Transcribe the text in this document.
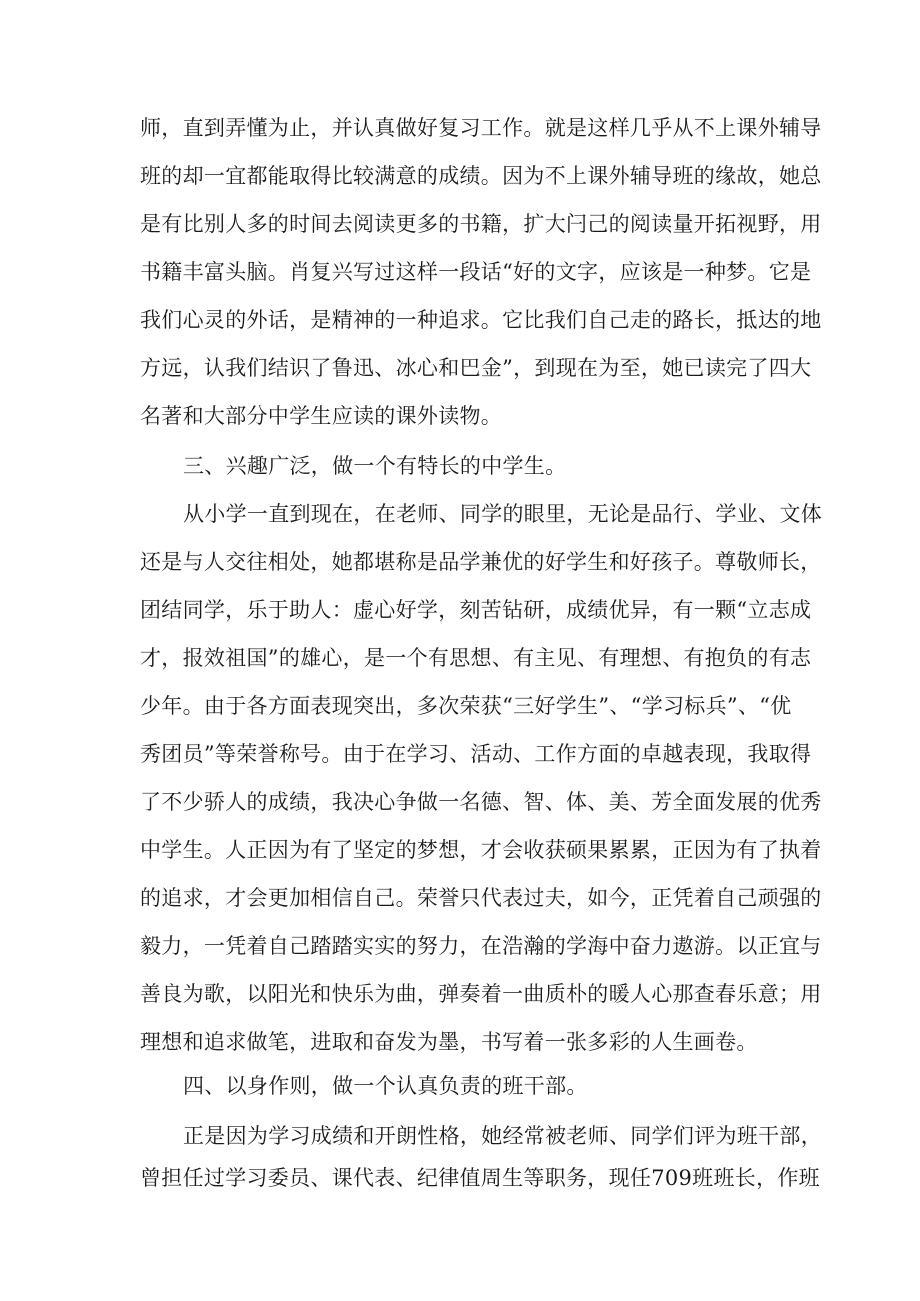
师，直到弄懂为止，并认真做好复习工作。就是这样几乎从不上课外辅导
班的却一宜都能取得比较满意的成绩。因为不上课外辅导班的缘故，她总
是有比别人多的时间去阅读更多的书籍，扩大闩己的阅读量开拓视野，用
书籍丰富头脑。肖复兴写过这样一段话“好的文字，应该是一种梦。它是
我们心灵的外话，是精神的一种追求。它比我们自己走的路长，抵达的地
方远，认我们结识了鲁迅、冰心和巴金”，到现在为至，她已读完了四大
名著和大部分中学生应读的课外读物。
三、兴趣广泛，做一个有特长的中学生。
从小学一直到现在，在老师、同学的眼里，无论是品行、学业、文体
还是与人交往相处，她都堪称是品学兼优的好学生和好孩子。尊敬师长，
团结同学，乐于助人：虚心好学，刻苦钻研，成绩优异，有一颗“立志成
才，报效祖国”的雄心，是一个有思想、有主见、有理想、有抱负的有志
少年。由于各方面表现突出，多次荣获“三好学生”、“学习标兵”、“优
秀团员”等荣誉称号。由于在学习、活动、工作方面的卓越表现，我取得
了不少骄人的成绩，我决心争做一名德、智、体、美、芳全面发展的优秀
中学生。人正因为有了坚定的梦想，才会收获硕果累累，正因为有了执着
的追求，才会更加相信自己。荣誉只代表过夫，如今，正凭着自己顽强的
毅力，一凭着自己踏踏实实的努力，在浩瀚的学海中奋力遨游。以正宜与
善良为歌，以阳光和快乐为曲，弹奏着一曲质朴的暖人心那查春乐意；用
理想和追求做笔，进取和奋发为墨，书写着一张多彩的人生画卷。
四、以身作则，做一个认真负责的班干部。
正是因为学习成绩和开朗性格，她经常被老师、同学们评为班干部，
曾担任过学习委员、课代表、纪律值周生等职务，现任709班班长，作班
